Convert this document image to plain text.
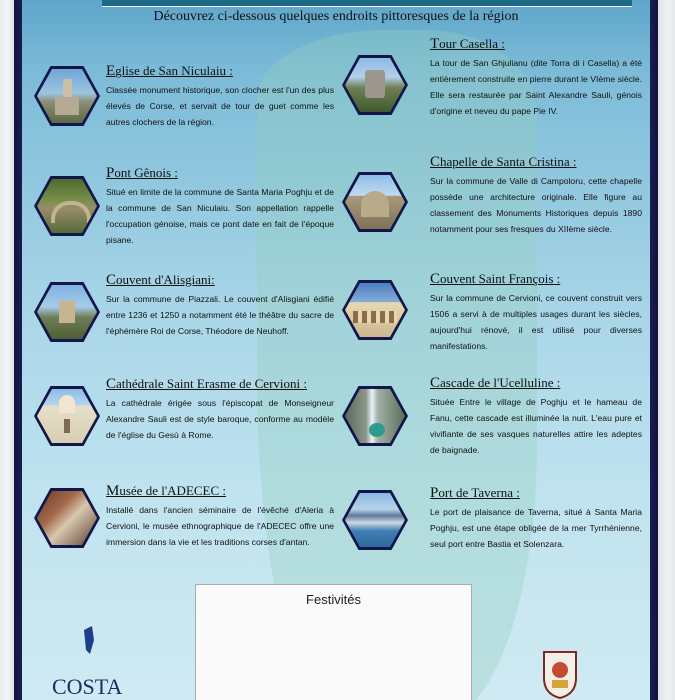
Découvrez ci-dessous quelques endroits pittoresques de la région
Eglise de San Niculaiu :
Classée monument historique, son clocher est l'un des plus élevés de Corse, et servait de tour de guet comme les autres clochers de la région.
Pont Gênois :
Situé en limite de la commune de Santa Maria Poghju et de la commune de San Niculaiu. Son appellation rappelle l'occupation génoise, mais ce pont date en fait de l'époque pisane.
Couvent d'Alisgiani:
Sur la commune de Piazzali. Le couvent d'Alisgiani édifié entre 1236 et 1250 a notamment été le théâtre du sacre de l'éphémère Roi de Corse, Théodore de Neuhoff.
Cathédrale Saint Erasme de Cervioni :
La cathédrale érigée sous l'épiscopat de Monseigneur Alexandre Sauli est de style baroque, conforme au modèle de l'église du Gesù à Rome.
Musée de l'ADECEC :
Installé dans l'ancien séminaire de l'évêché d'Aleria à Cervioni, le musée ethnographique de l'ADECEC offre une immersion dans la vie et les traditions corses d'antan.
Tour Casella :
La tour de San Ghjulianu (dite Torra di i Casella) a été entièrement construite en pierre durant le VIème siècle. Elle sera restaurée par Saint Alexandre Sauli, génois d'origine et neveu du pape Pie IV.
Chapelle de Santa Cristina :
Sur la commune de Valle di Campoloru, cette chapelle possède une architecture originale. Elle figure au classement des Monuments Historiques depuis 1890 notamment pour ses fresques du XIIème siècle.
Couvent Saint François :
Sur la commune de Cervioni, ce couvent construit vers 1506 a servi à de multiples usages durant les siècles, aujourd'hui rénové, il est utilisé pour diverses manifestations.
Cascade de l'Ucelluline :
Située Entre le village de Poghju et le hameau de Fanu, cette cascade est illuminée la nuit. L'eau pure et vivifiante de ses vasques naturelles attire les adeptes de baignade.
Port de Taverna :
Le port de plaisance de Taverna, situé à Santa Maria Poghju, est une étape obligée de la mer Tyrrhénienne, seul port entre Bastia et Solenzara.
Festivités
COSTA
